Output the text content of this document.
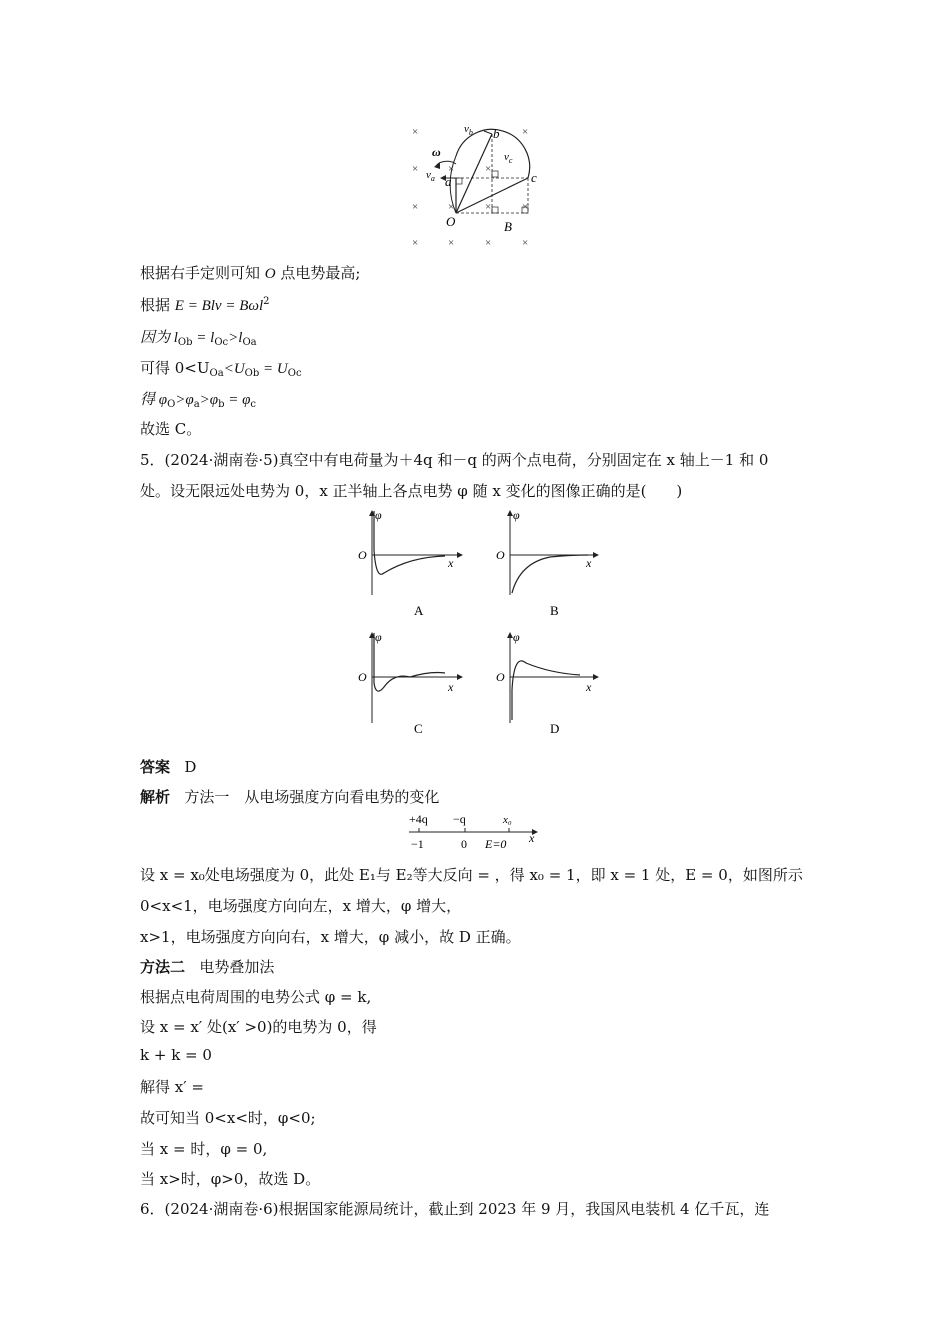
×	×
×	×	×
×	×	×	×
×	×	×	×
$v_b$ b
$v_c$
c
ω
$v_a$ a
O	B
根据右手定则可知 O 点电势最高;
根据 E = Blv = Bωl$^2$
因为 $l_{Ob} = l_{Oc}>l_{Oa}$
可得 $0<U_{Oa}<U_{Ob} = U_{Oc}$
得 $\varphi_O>\varphi_a>\varphi_b = \varphi_c$
故选 C。
5．(2024·湖南卷·5)真空中有电荷量为＋4q 和－q 的两个点电荷，分别固定在 x 轴上－1 和 0
处。设无限远处电势为 0，x 正半轴上各点电势 φ 随 x 变化的图像正确的是(　　)
φ
O
x
A
φ
O
x
B
φ
O
x
C
φ
O
x
D
答案 D
解析 方法一　从电场强度方向看电势的变化
+4q −q	x₀
−1	0 E=0 x
设 x = x₀处电场强度为 0，此处 E₁与 E₂等大反向 = ，得 x₀ = 1，即 x = 1 处，E = 0，如图所示
0<x<1，电场强度方向向左，x 增大，φ 增大，
x>1，电场强度方向向右，x 增大，φ 减小，故 D 正确。
方法二 电势叠加法
根据点电荷周围的电势公式 φ = k,
设 x = x′ 处(x′ >0)的电势为 0，得
k + k = 0
解得 x′ =
故可知当 0<x<时，φ<0;
当 x = 时，φ = 0,
当 x>时，φ>0，故选 D。
6．(2024·湖南卷·6)根据国家能源局统计，截止到 2023 年 9 月，我国风电装机 4 亿千瓦，连
